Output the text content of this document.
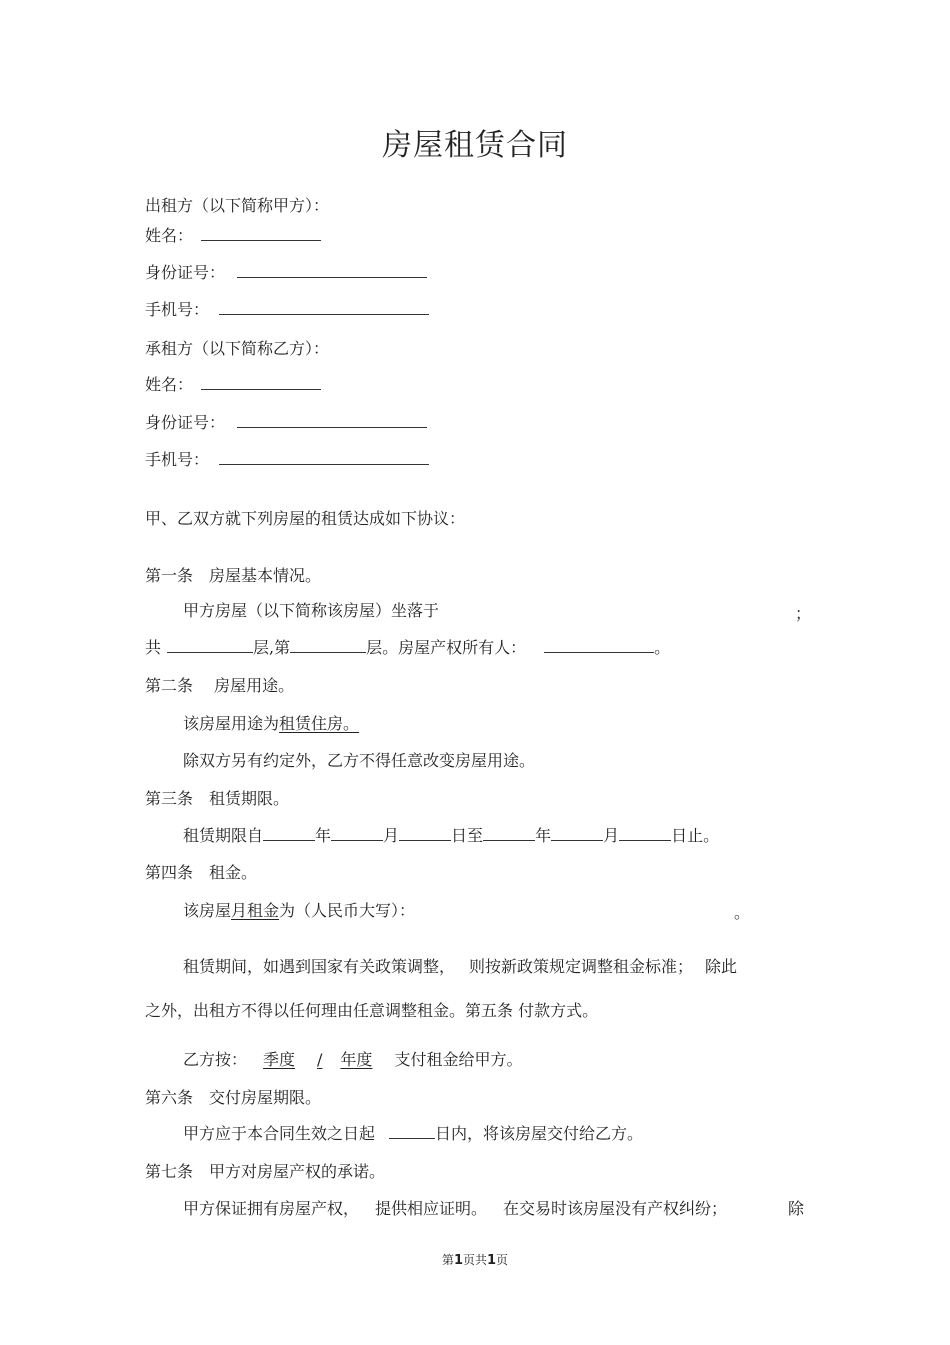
房屋租赁合同
出租方（以下简称甲方）：
姓名：
身份证号：
手机号：
承租方（以下简称乙方）：
姓名：
身份证号：
手机号：
甲、乙双方就下列房屋的租赁达成如下协议：
第一条　房屋基本情况。
甲方房屋（以下简称该房屋）坐落于	；
共	层,第	层。房屋产权所有人：	。
第二条　 房屋用途。
该房屋用途为租赁住房。
除双方另有约定外，乙方不得任意改变房屋用途。
第三条　租赁期限。
租赁期限自	年	月	日至	年	月	日止。
第四条　租金。
该房屋月租金为（人民币大写）：	。
租赁期间，如遇到国家有关政策调整， 则按新政策规定调整租金标准； 除此
之外，出租方不得以任何理由任意调整租金。第五条 付款方式。
乙方按： 季度 / 年度 支付租金给甲方。
第六条　交付房屋期限。
甲方应于本合同生效之日起	日内，将该房屋交付给乙方。
第七条　甲方对房屋产权的承诺。
甲方保证拥有房屋产权， 提供相应证明。 在交易时该房屋没有产权纠纷；	除
第1页共1页
